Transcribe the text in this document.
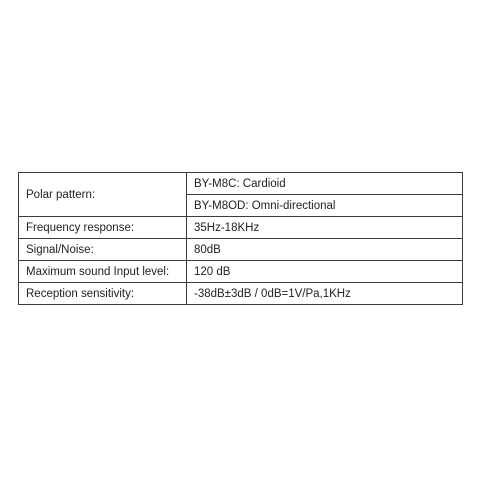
Polar pattern:	BY-M8C: Cardioid
	BY-M8OD: Omni-directional
Frequency response:	35Hz-18KHz
Signal/Noise:	80dB
Maximum sound Input level:	120 dB
Reception sensitivity:	-38dB±3dB / 0dB=1V/Pa,1KHz
